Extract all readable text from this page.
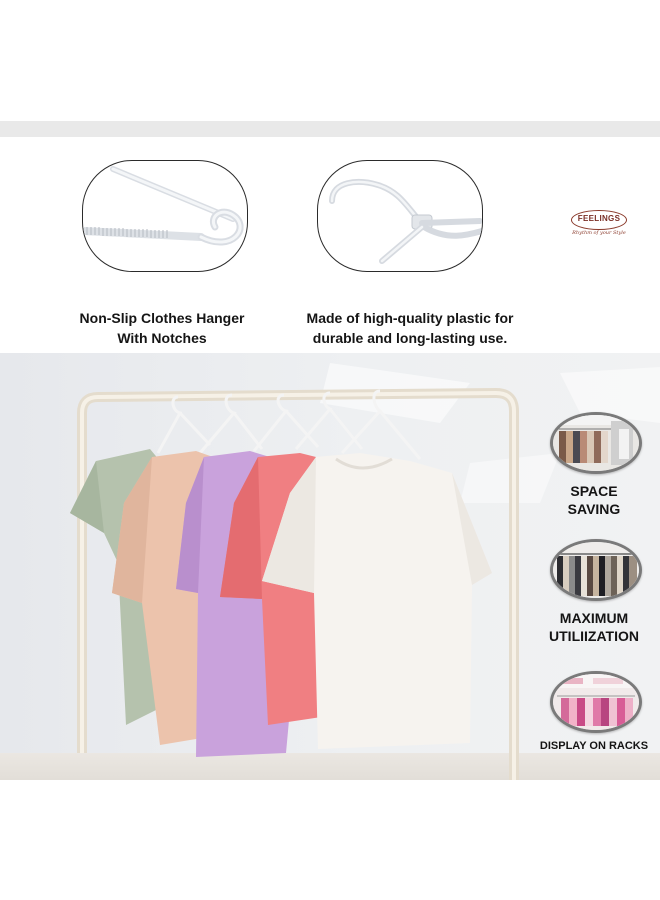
Non-Slip Clothes Hanger
With Notches
Made of high-quality plastic for
durable and long-lasting use.
FEELINGS
Rhythm of your Style
SPACE
SAVING
MAXIMUM
UTILIIZATION
DISPLAY ON RACKS
